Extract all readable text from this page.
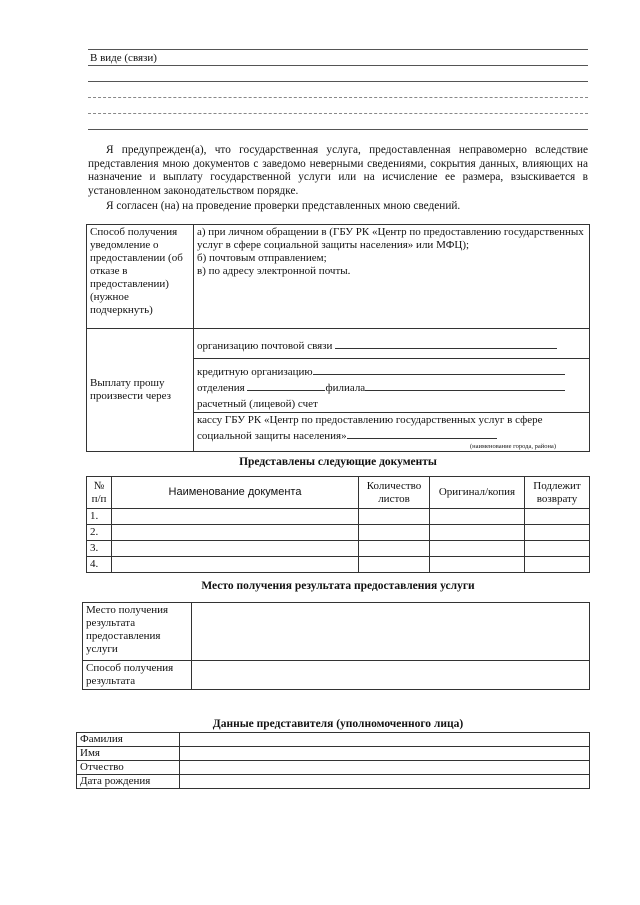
В виде (связи)
Я предупрежден(а), что государственная услуга, предоставленная неправомерно вследствие представления мною документов с заведомо неверными сведениями, сокрытия данных, влияющих на назначение и выплату государственной услуги или на исчисление ее размера, взыскивается в установленном законодательством порядке.
Я согласен (на) на проведение проверки представленных мною сведений.
Способ получения уведомление о предоставлении (об отказе в предоставлении) (нужное подчеркнуть)	а) при личном обращении в (ГБУ РК «Центр по предоставлению государственных услуг в сфере социальной защиты населения» или МФЦ);
б) почтовым отправлением;
в) по адресу электронной почты.

Выплату прошу произвести через	организацию почтовой связи

	кредитную организацию
отделения филиала
расчетный (лицевой) счет

	кассу ГБУ РК «Центр по предоставлению государственных услуг в сфере социальной защиты населения»
(наименование города, района)
Представлены следующие документы
№ п/п	Наименование документа	Количество листов	Оригинал/копия	Подлежит возврату
1.				
2.				
3.				
4.				
Место получения результата предоставления услуги
Место получения результата предоставления услуги	
Способ получения результата	
Данные представителя (уполномоченного лица)
Фамилия	
Имя	
Отчество	
Дата рождения	
